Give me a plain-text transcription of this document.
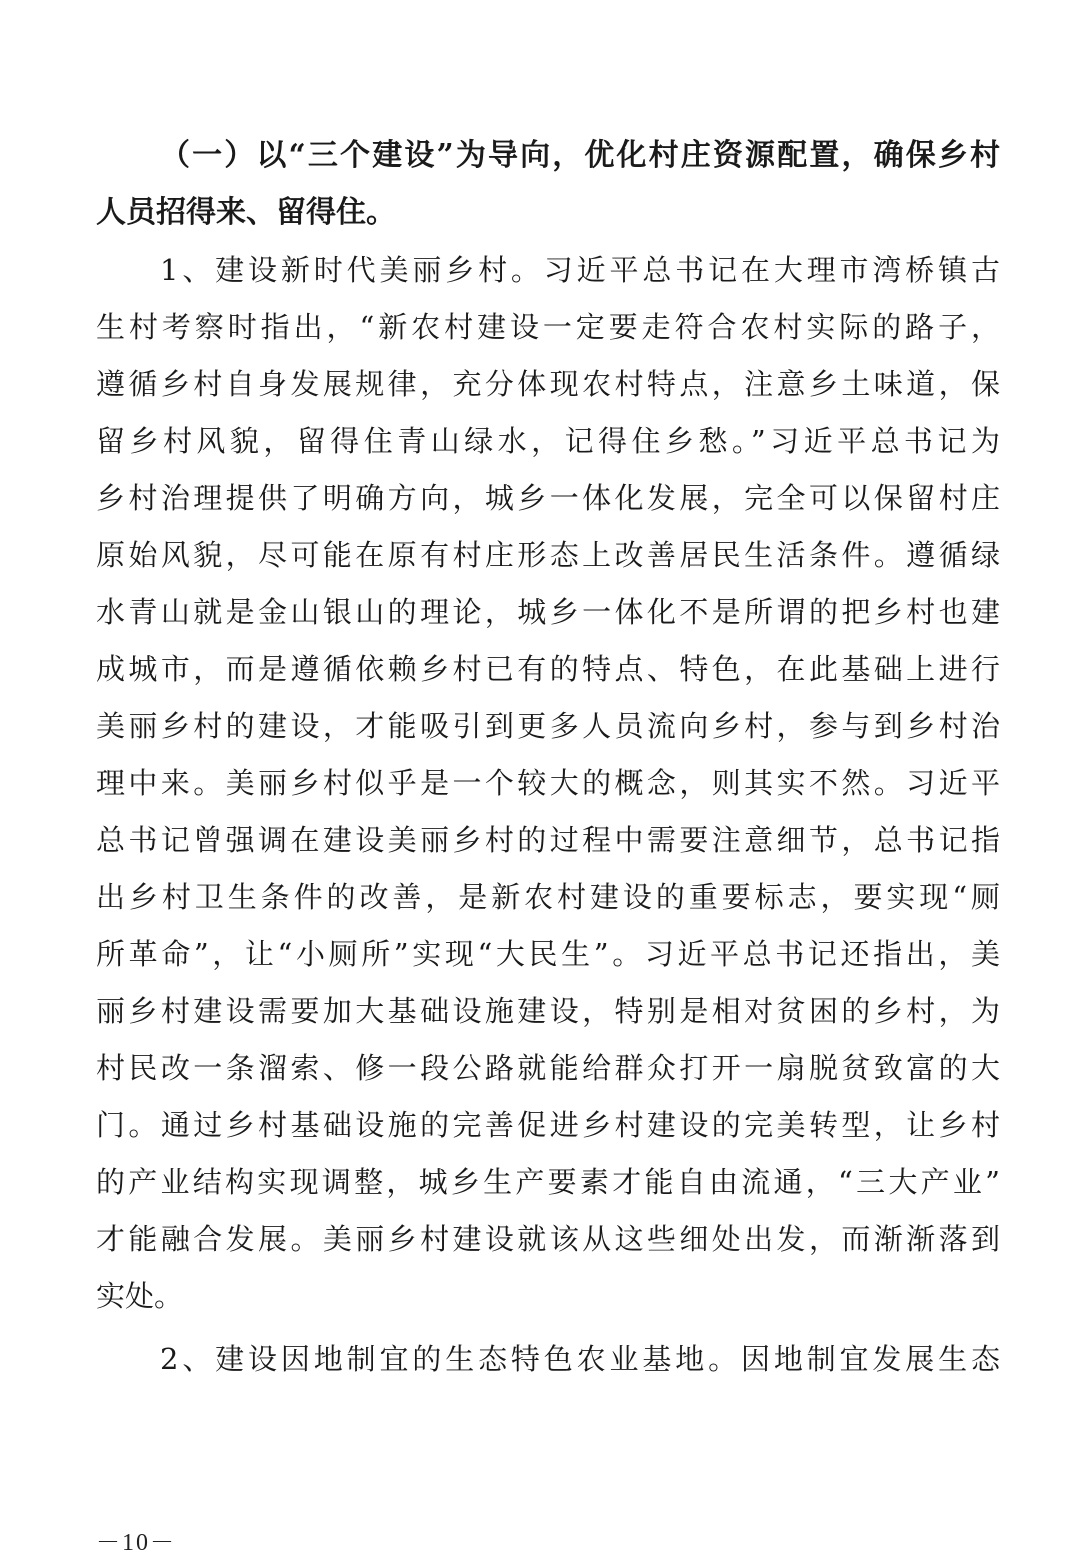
（一）以“三个建设”为导向，优化村庄资源配置，确保乡村
人员招得来、留得住。
1、建设新时代美丽乡村。习近平总书记在大理市湾桥镇古
生村考察时指出，“新农村建设一定要走符合农村实际的路子，
遵循乡村自身发展规律，充分体现农村特点，注意乡土味道，保
留乡村风貌，留得住青山绿水，记得住乡愁。”习近平总书记为
乡村治理提供了明确方向，城乡一体化发展，完全可以保留村庄
原始风貌，尽可能在原有村庄形态上改善居民生活条件。遵循绿
水青山就是金山银山的理论，城乡一体化不是所谓的把乡村也建
成城市，而是遵循依赖乡村已有的特点、特色，在此基础上进行
美丽乡村的建设，才能吸引到更多人员流向乡村，参与到乡村治
理中来。美丽乡村似乎是一个较大的概念，则其实不然。习近平
总书记曾强调在建设美丽乡村的过程中需要注意细节，总书记指
出乡村卫生条件的改善，是新农村建设的重要标志，要实现“厕
所革命”，让“小厕所”实现“大民生”。习近平总书记还指出，美
丽乡村建设需要加大基础设施建设，特别是相对贫困的乡村，为
村民改一条溜索、修一段公路就能给群众打开一扇脱贫致富的大
门。通过乡村基础设施的完善促进乡村建设的完美转型，让乡村
的产业结构实现调整，城乡生产要素才能自由流通，“三大产业”
才能融合发展。美丽乡村建设就该从这些细处出发，而渐渐落到
实处。
2、建设因地制宜的生态特色农业基地。因地制宜发展生态
－10－
